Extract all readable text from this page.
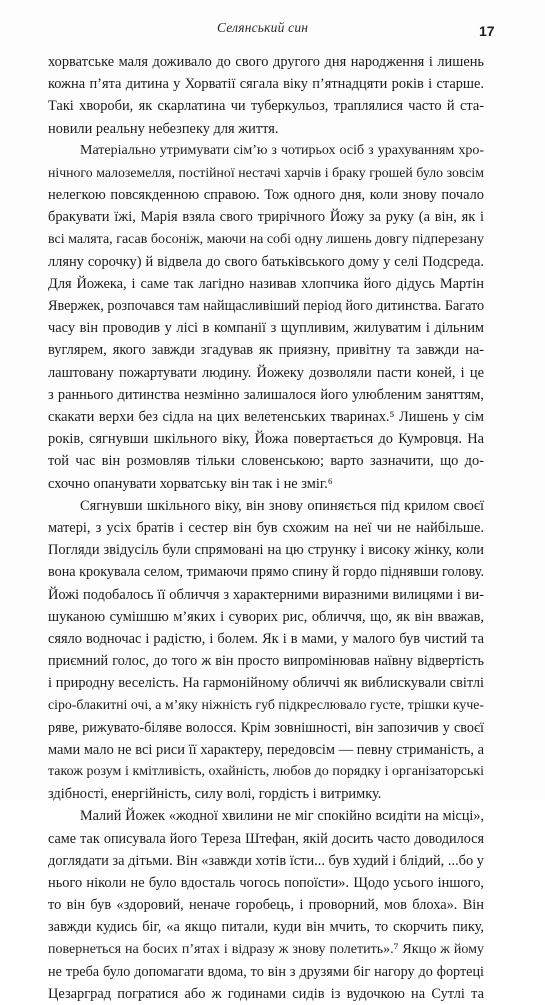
Селянський син	17
хорватське маля доживало до свого другого дня народження і лишень
кожна п’ята дитина у Хорватії сягала віку п’ятнадцяти років і старше.
Такі хвороби, як скарлатина чи туберкульоз, траплялися часто й ста-
новили реальну небезпеку для життя.
Матеріально утримувати сім’ю з чотирьох осіб з урахуванням хро-
нічного малоземелля, постійної нестачі харчів і браку грошей було зовсім
нелегкою повсякденною справою. Тож одного дня, коли знову почало
бракувати їжі, Марія взяла свого трирічного Йожу за руку (а він, як і
всі малята, гасав босоніж, маючи на собі одну лишень довгу підперезану
лляну сорочку) й відвела до свого батьківського дому у селі Подсреда.
Для Йожека, і саме так лагідно називав хлопчика його дідусь Мартін
Явержек, розпочався там найщасливіший період його дитинства. Багато
часу він проводив у лісі в компанії з щупливим, жилуватим і дільним
вуглярем, якого завжди згадував як приязну, привітну та завжди на-
лаштовану пожартувати людину. Йожеку дозволяли пасти коней, і це
з раннього дитинства незмінно залишалося його улюбленим заняттям,
скакати верхи без сідла на цих велетенських тваринах.⁵ Лишень у сім
років, сягнувши шкільного віку, Йожа повертається до Кумровця. На
той час він розмовляв тільки словенською; варто зазначити, що до-
схочно опанувати хорватську він так і не зміг.⁶
Сягнувши шкільного віку, він знову опиняється під крилом своєї
матері, з усіх братів і сестер він був схожим на неї чи не найбільше.
Погляди звідусіль були спрямовані на цю струнку і високу жінку, коли
вона крокувала селом, тримаючи прямо спину й гордо піднявши голову.
Йожі подобалось її обличчя з характерними виразними вилицями і ви-
шуканою сумішшю м’яких і суворих рис, обличчя, що, як він вважав,
сяяло водночас і радістю, і болем. Як і в мами, у малого був чистий та
приємний голос, до того ж він просто випромінював наївну відвертість
і природну веселість. На гармонійному обличчі як виблискували світлі
сіро-блакитні очі, а м’яку ніжність губ підкреслювало густе, трішки куче-
ряве, рижувато-біляве волосся. Крім зовнішності, він запозичив у своєї
мами мало не всі риси її характеру, передовсім — певну стриманість, а
також розум і кмітливість, охайність, любов до порядку і організаторські
здібності, енергійність, силу волі, гордість і витримку.
Малий Йожек «жодної хвилини не міг спокійно всидіти на місці»,
саме так описувала його Тереза Штефан, якій досить часто доводилося
доглядати за дітьми. Він «завжди хотів їсти... був худий і блідий, ...бо у
нього ніколи не було вдосталь чогось попоїсти». Щодо усього іншого,
то він був «здоровий, неначе горобець, і проворний, мов блоха». Він
завжди кудись біг, «а якщо питали, куди він мчить, то скорчить пику,
повернеться на босих п’ятах і відразу ж знову полетить».⁷ Якщо ж йому
не треба було допомагати вдома, то він з друзями біг нагору до фортеці
Цезарград погратися або ж годинами сидів із вудочкою на Сутлі та
